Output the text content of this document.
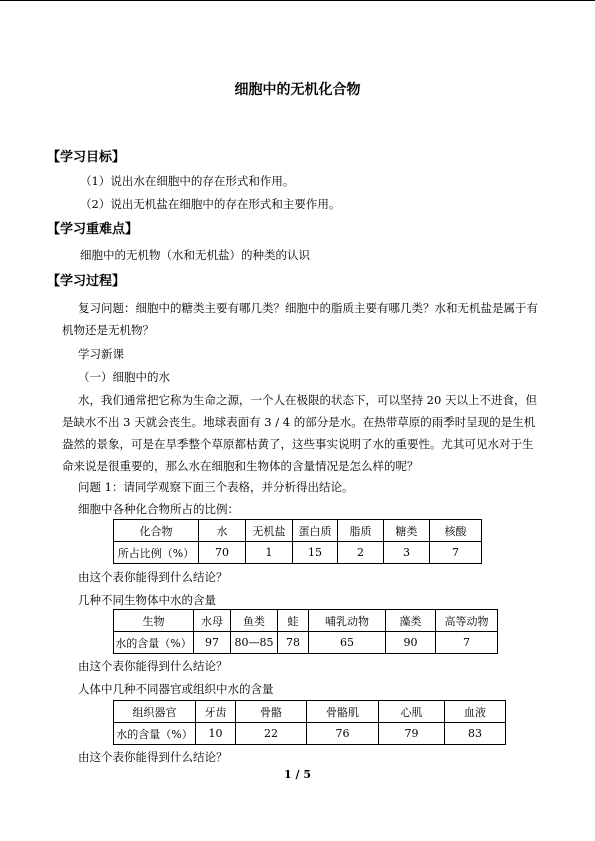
细胞中的无机化合物
【学习目标】
（1）说出水在细胞中的存在形式和作用。
（2）说出无机盐在细胞中的存在形式和主要作用。
【学习重难点】
细胞中的无机物（水和无机盐）的种类的认识
【学习过程】
复习问题：细胞中的糖类主要有哪几类？细胞中的脂质主要有哪几类？水和无机盐是属于有机物还是无机物？
学习新课
（一）细胞中的水
水，我们通常把它称为生命之源，一个人在极限的状态下，可以坚持 20 天以上不进食，但是缺水不出 3 天就会丧生。地球表面有 3 / 4 的部分是水。在热带草原的雨季时呈现的是生机盎然的景象，可是在旱季整个草原都枯黄了，这些事实说明了水的重要性。尤其可见水对于生命来说是很重要的，那么水在细胞和生物体的含量情况是怎么样的呢？
问题 1：请同学观察下面三个表格，并分析得出结论。
细胞中各种化合物所占的比例：
化合物	水	无机盐	蛋白质	脂质	糖类	核酸
所占比例（%）	70	1	15	2	3	7
由这个表你能得到什么结论？
几种不同生物体中水的含量
生物	水母	鱼类	蛙	哺乳动物	藻类	高等动物
水的含量（%）	97	80—85	78	65	90	7
由这个表你能得到什么结论？
人体中几种不同器官或组织中水的含量
组织器官	牙齿	骨骼	骨骼肌	心肌	血液
水的含量（%）	10	22	76	79	83
由这个表你能得到什么结论？
1 / 5
